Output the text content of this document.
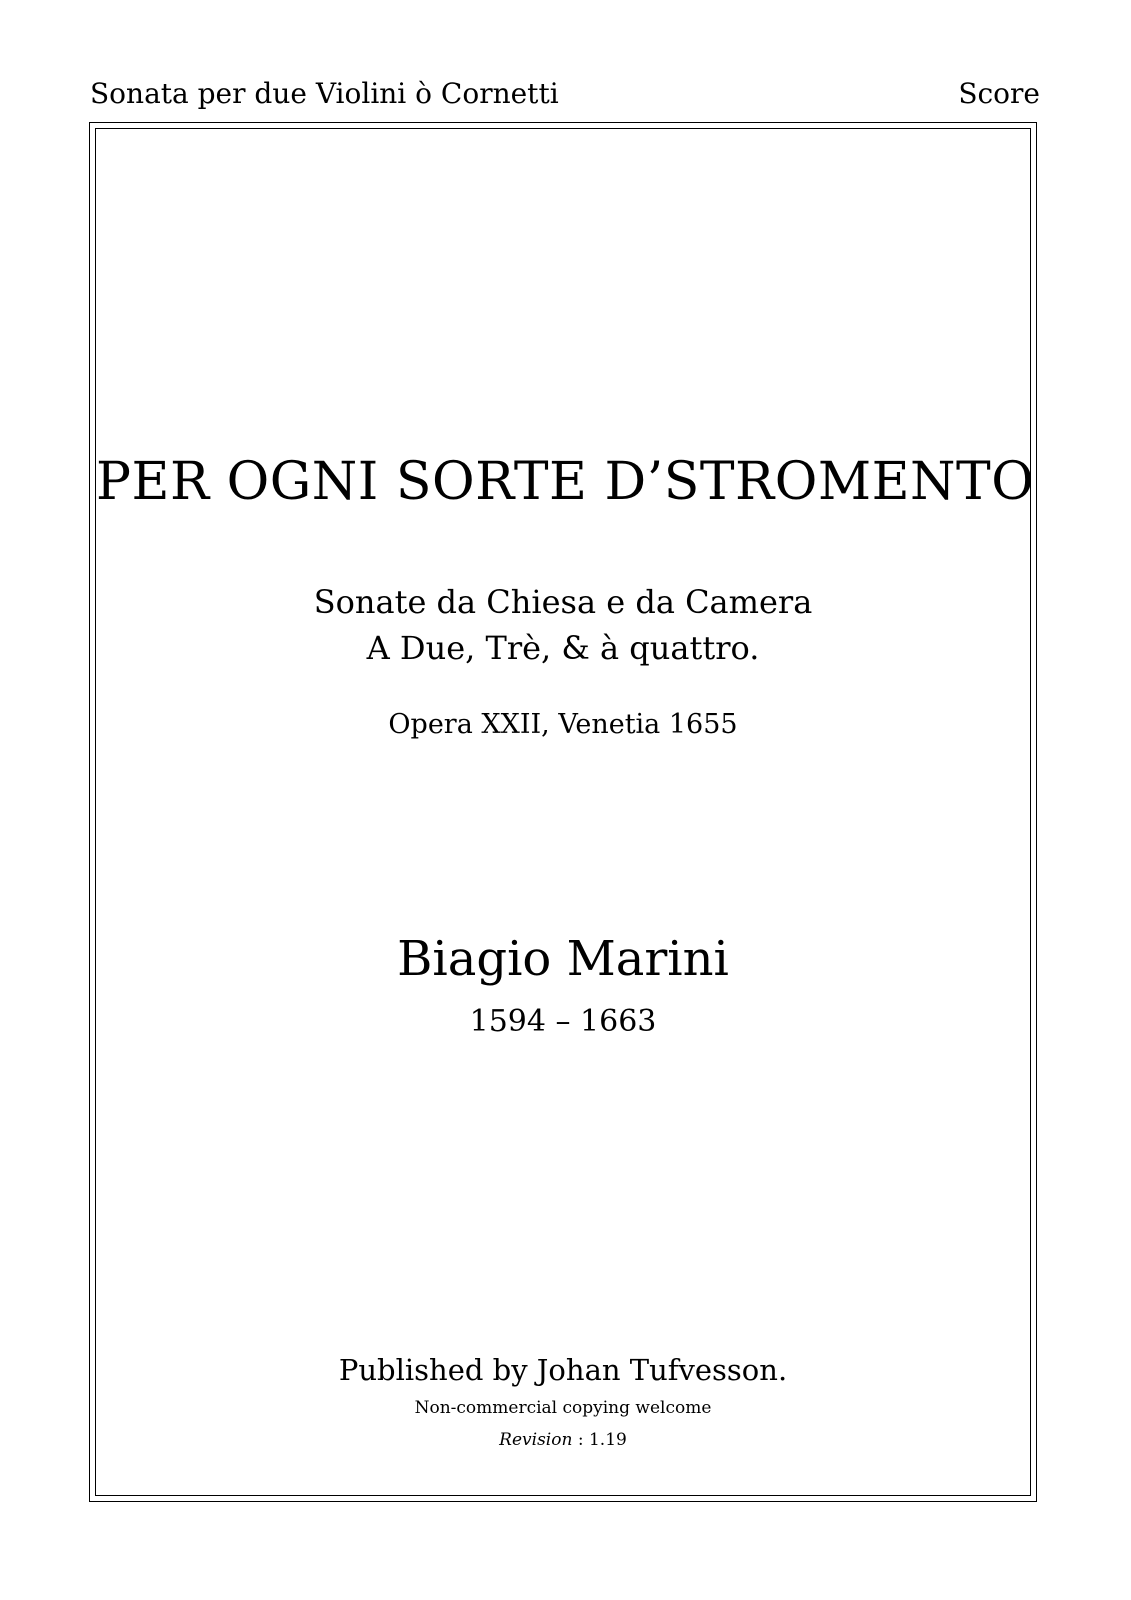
Sonata per due Violini ò Cornetti	Score
PER OGNI SORTE D’STROMENTO
Sonate da Chiesa e da Camera
A Due, Trè, & à quattro.
Opera XXII, Venetia 1655
Biagio Marini
1594 – 1663
Published by Johan Tufvesson.
Non-commercial copying welcome
Revision : 1.19
